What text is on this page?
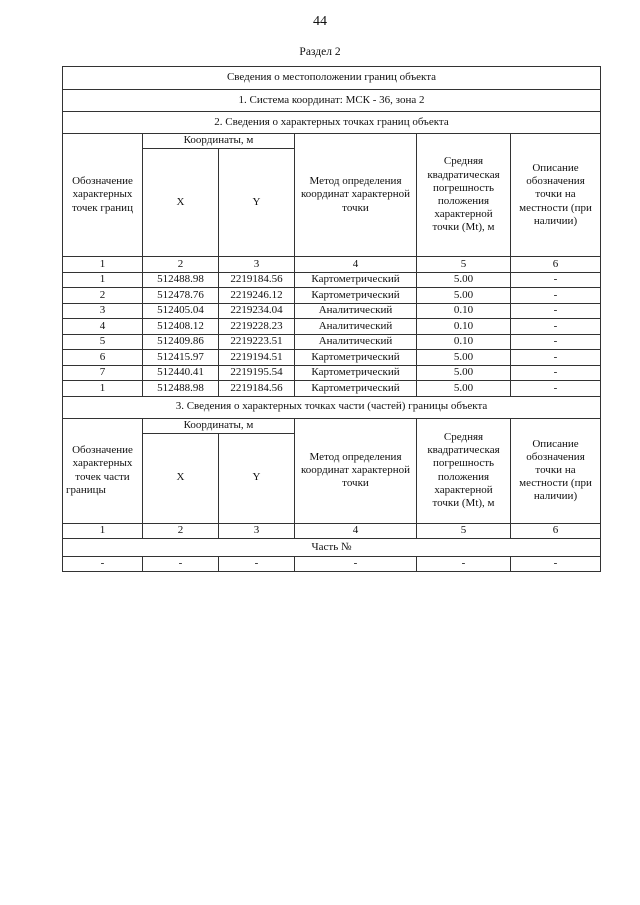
44
Раздел 2
Сведения о местоположении границ объекта					
1. Система координат: МСК - 36, зона 2					
2. Сведения о характерных точках границ объекта					
Обозначение характерных точек границ	Координаты, м		Метод определения координат характерной точки	Средняя квадратическая погрешность положения характерной точки (Mt), м	Описание обозначения точки на местности (при наличии)
	X	Y			
1	2	3	4	5	6
1	512488.98	2219184.56	Картометрический	5.00	-
2	512478.76	2219246.12	Картометрический	5.00	-
3	512405.04	2219234.04	Аналитический	0.10	-
4	512408.12	2219228.23	Аналитический	0.10	-
5	512409.86	2219223.51	Аналитический	0.10	-
6	512415.97	2219194.51	Картометрический	5.00	-
7	512440.41	2219195.54	Картометрический	5.00	-
1	512488.98	2219184.56	Картометрический	5.00	-
3. Сведения о характерных точках части (частей) границы объекта					
Обозначение характерных точек части границы	Координаты, м		Метод определения координат характерной точки	Средняя квадратическая погрешность положения характерной точки (Mt), м	Описание обозначения точки на местности (при наличии)
	X	Y			
1	2	3	4	5	6
Часть №					
-	-	-	-	-	-
